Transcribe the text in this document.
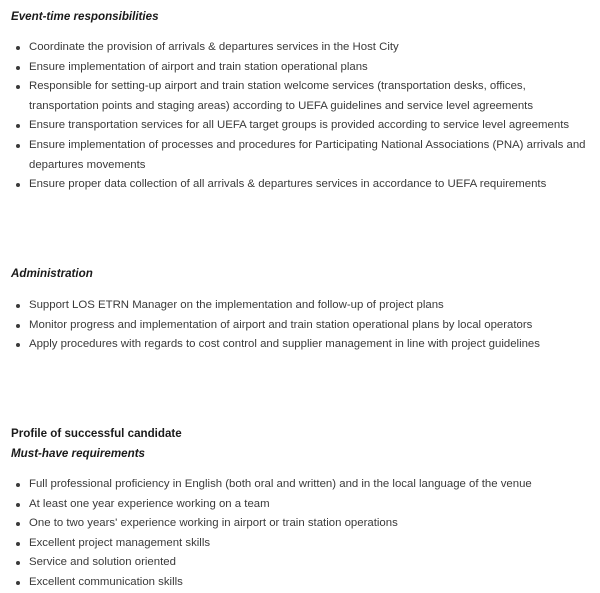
Event-time responsibilities
Coordinate the provision of arrivals & departures services in the Host City
Ensure implementation of airport and train station operational plans
Responsible for setting-up airport and train station welcome services (transportation desks, offices, transportation points and staging areas) according to UEFA guidelines and service level agreements
Ensure transportation services for all UEFA target groups is provided according to service level agreements
Ensure implementation of processes and procedures for Participating National Associations (PNA) arrivals and departures movements
Ensure proper data collection of all arrivals & departures services in accordance to UEFA requirements
Administration
Support LOS ETRN Manager on the implementation and follow-up of project plans
Monitor progress and implementation of airport and train station operational plans by local operators
Apply procedures with regards to cost control and supplier management in line with project guidelines
Profile of successful candidate
Must-have requirements
Full professional proficiency in English (both oral and written) and in the local language of the venue
At least one year experience working on a team
One to two years' experience working in airport or train station operations
Excellent project management skills
Service and solution oriented
Excellent communication skills
